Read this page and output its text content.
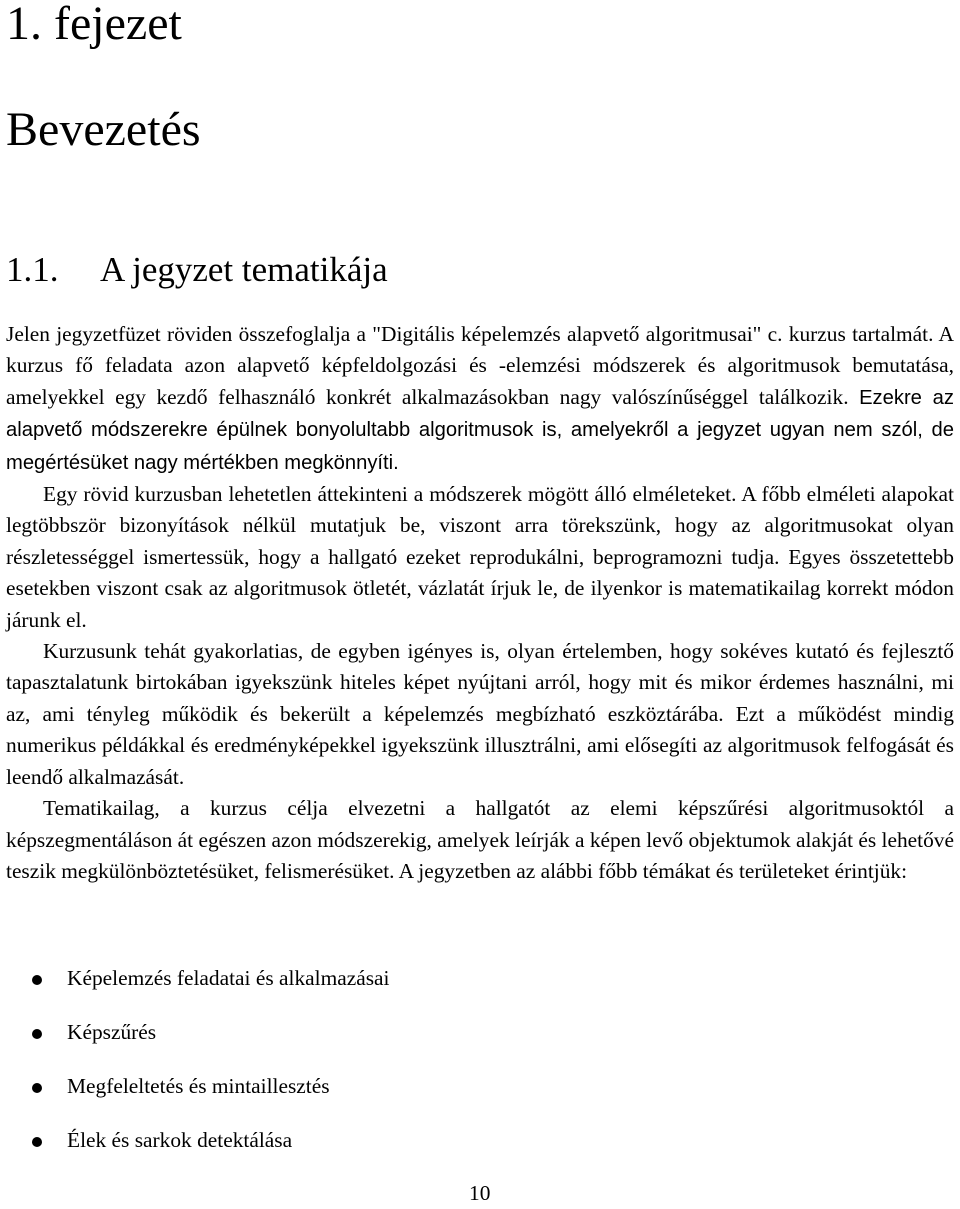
1. fejezet
Bevezetés
1.1. A jegyzet tematikája

Jelen jegyzetfüzet röviden összefoglalja a "Digitális képelemzés alapvető algoritmusai" c. kurzus tartalmát. A kurzus fő feladata azon alapvető képfeldolgozási és -elemzési módszerek és algoritmusok bemutatása, amelyekkel egy kezdő felhasználó konkrét alkalmazásokban nagy valószínűséggel találkozik. Ezekre az alapvető módszerekre épülnek bonyolultabb algoritmusok is, amelyekről a jegyzet ugyan nem szól, de megértésüket nagy mértékben megkönnyíti.

Egy rövid kurzusban lehetetlen áttekinteni a módszerek mögött álló elméleteket. A főbb elméleti alapokat legtöbbször bizonyítások nélkül mutatjuk be, viszont arra törekszünk, hogy az algoritmusokat olyan részletességgel ismertessük, hogy a hallgató ezeket reprodukálni, beprogramozni tudja. Egyes összetettebb esetekben viszont csak az algoritmusok ötletét, vázlatát írjuk le, de ilyenkor is matematikailag korrekt módon járunk el.

Kurzusunk tehát gyakorlatias, de egyben igényes is, olyan értelemben, hogy sokéves kutató és fejlesztő tapasztalatunk birtokában igyekszünk hiteles képet nyújtani arról, hogy mit és mikor érdemes használni, mi az, ami tényleg működik és bekerült a képelemzés megbízható eszköztárába. Ezt a működést mindig numerikus példákkal és eredményképekkel igyekszünk illusztrálni, ami elősegíti az algoritmusok felfogását és leendő alkalmazását.

Tematikailag, a kurzus célja elvezetni a hallgatót az elemi képszűrési algoritmusoktól a képszegmentáláson át egészen azon módszerekig, amelyek leírják a képen levő objektumok alakját és lehetővé teszik megkülönböztetésüket, felismerésüket. A jegyzetben az alábbi főbb témákat és területeket érintjük:

Képelemzés feladatai és alkalmazásai
Képszűrés
Megfeleltetés és mintaillesztés
Élek és sarkok detektálása
10
